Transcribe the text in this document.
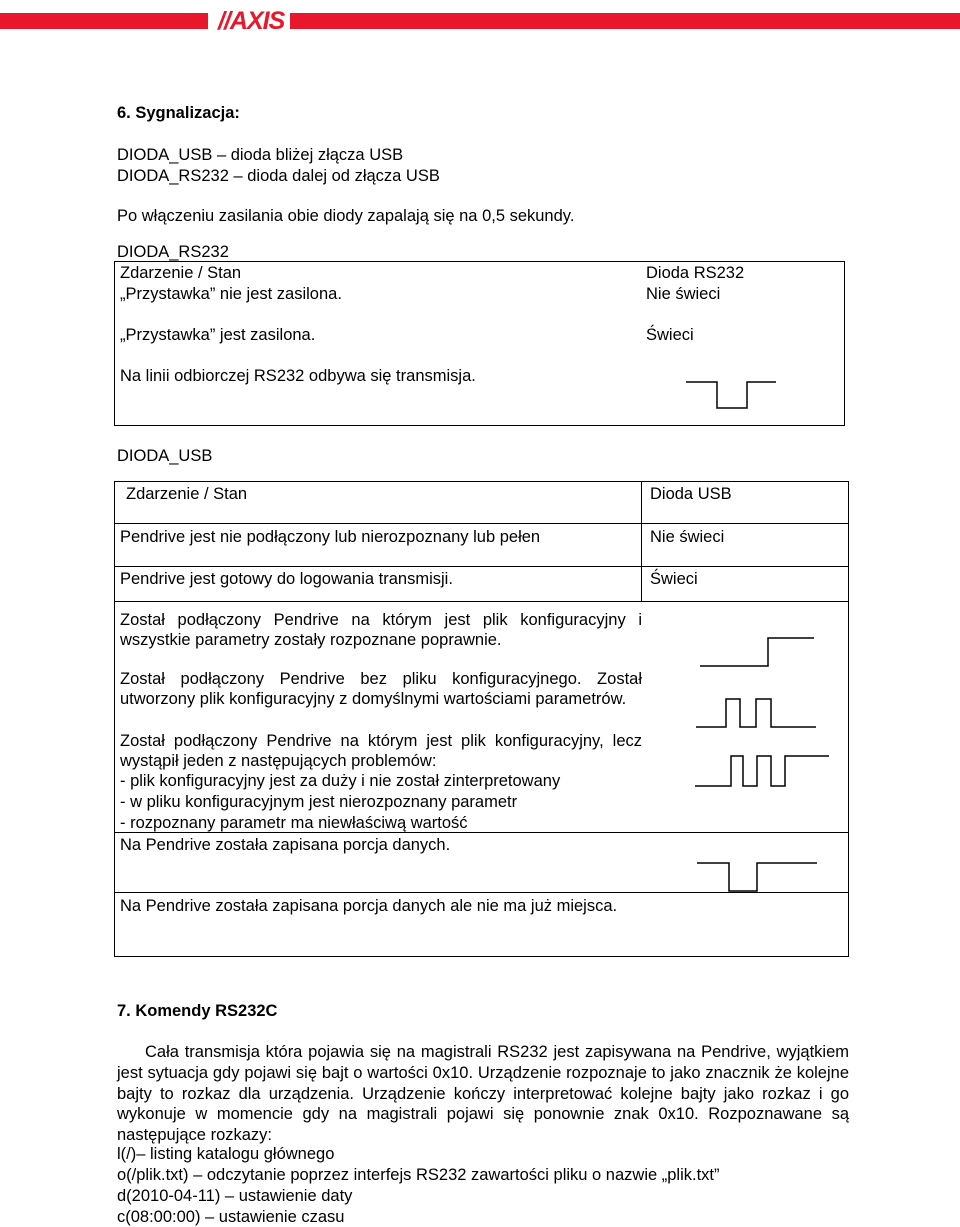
//AXIS
6. Sygnalizacja:
DIODA_USB – dioda bliżej złącza USB
DIODA_RS232 – dioda dalej od złącza USB
Po włączeniu zasilania obie diody zapalają się na 0,5 sekundy.
DIODA_RS232
Zdarzenie / Stan	Dioda RS232
„Przystawka” nie jest zasilona.	Nie świeci
„Przystawka” jest zasilona.	Świeci
Na linii odbiorczej RS232 odbywa się transmisja.
DIODA_USB
Zdarzenie / Stan	Dioda USB
Pendrive jest nie podłączony lub nierozpoznany lub pełen	Nie świeci
Pendrive jest gotowy do logowania transmisji.	Świeci
Został podłączony Pendrive na którym jest plik konfiguracyjny i wszystkie parametry zostały rozpoznane poprawnie.
Został podłączony Pendrive bez pliku konfiguracyjnego. Został utworzony plik konfiguracyjny z domyślnymi wartościami parametrów.
Został podłączony Pendrive na którym jest plik konfiguracyjny, lecz wystąpił jeden z następujących problemów:
- plik konfiguracyjny jest za duży i nie został zinterpretowany
- w pliku konfiguracyjnym jest nierozpoznany parametr
- rozpoznany parametr ma niewłaściwą wartość
Na Pendrive została zapisana porcja danych.
Na Pendrive została zapisana porcja danych ale nie ma już miejsca.
7. Komendy RS232C
Cała transmisja która pojawia się na magistrali RS232 jest zapisywana na Pendrive, wyjątkiem jest sytuacja gdy pojawi się bajt o wartości 0x10. Urządzenie rozpoznaje to jako znacznik że kolejne bajty to rozkaz dla urządzenia. Urządzenie kończy interpretować kolejne bajty jako rozkaz i go wykonuje w momencie gdy na magistrali pojawi się ponownie znak 0x10. Rozpoznawane są następujące rozkazy:
l(/)– listing katalogu głównego
o(/plik.txt) – odczytanie poprzez interfejs RS232 zawartości pliku o nazwie „plik.txt”
d(2010-04-11) – ustawienie daty
c(08:00:00) – ustawienie czasu
